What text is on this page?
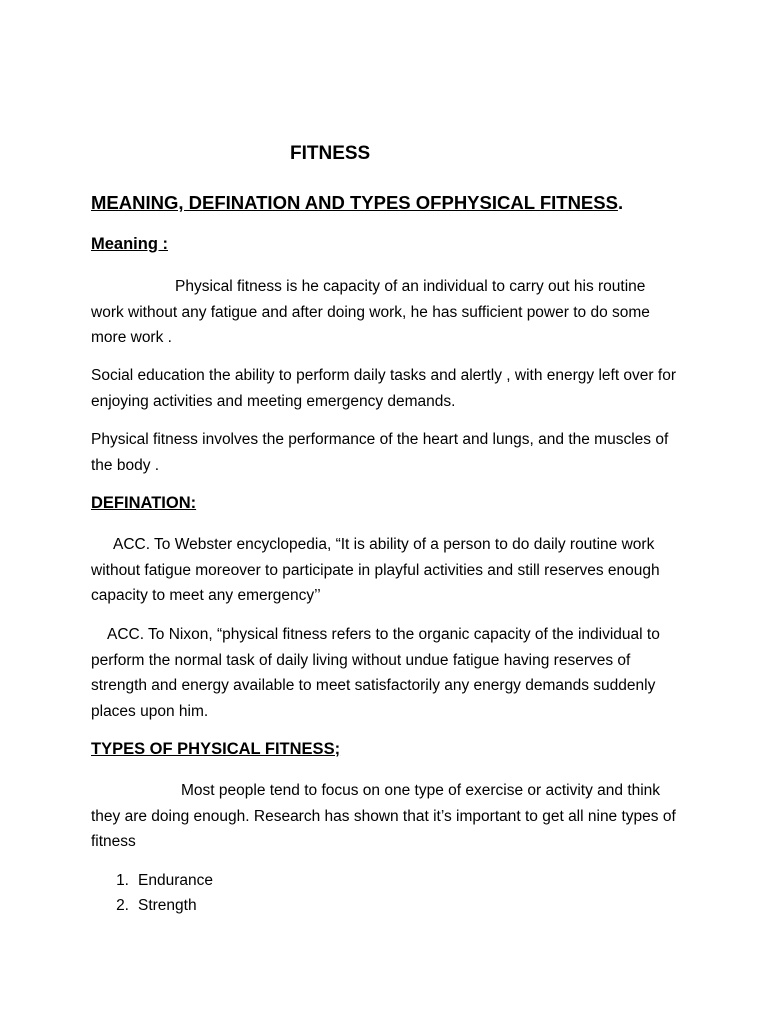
FITNESS
MEANING, DEFINATION AND TYPES OFPHYSICAL FITNESS.
Meaning :

Physical fitness is he capacity of an individual to carry out his routine work without any fatigue and after doing work, he has sufficient power to do some more work .

Social education the ability to perform daily tasks and alertly , with energy left over for enjoying activities and meeting emergency demands.

Physical fitness involves the performance of the heart and lungs, and the muscles of the body .

DEFINATION:

ACC. To Webster encyclopedia, “It is ability of a person to do daily routine work without fatigue moreover to participate in playful activities and still reserves enough capacity to meet any emergency’’

ACC. To Nixon, “physical fitness refers to the organic capacity of the individual to perform the normal task of daily living without undue fatigue having reserves of strength and energy available to meet satisfactorily any energy demands suddenly places upon him.

TYPES OF PHYSICAL FITNESS;

Most people tend to focus on one type of exercise or activity and think they are doing enough. Research has shown that it’s important to get all nine types of fitness

1. Endurance
2. Strength
